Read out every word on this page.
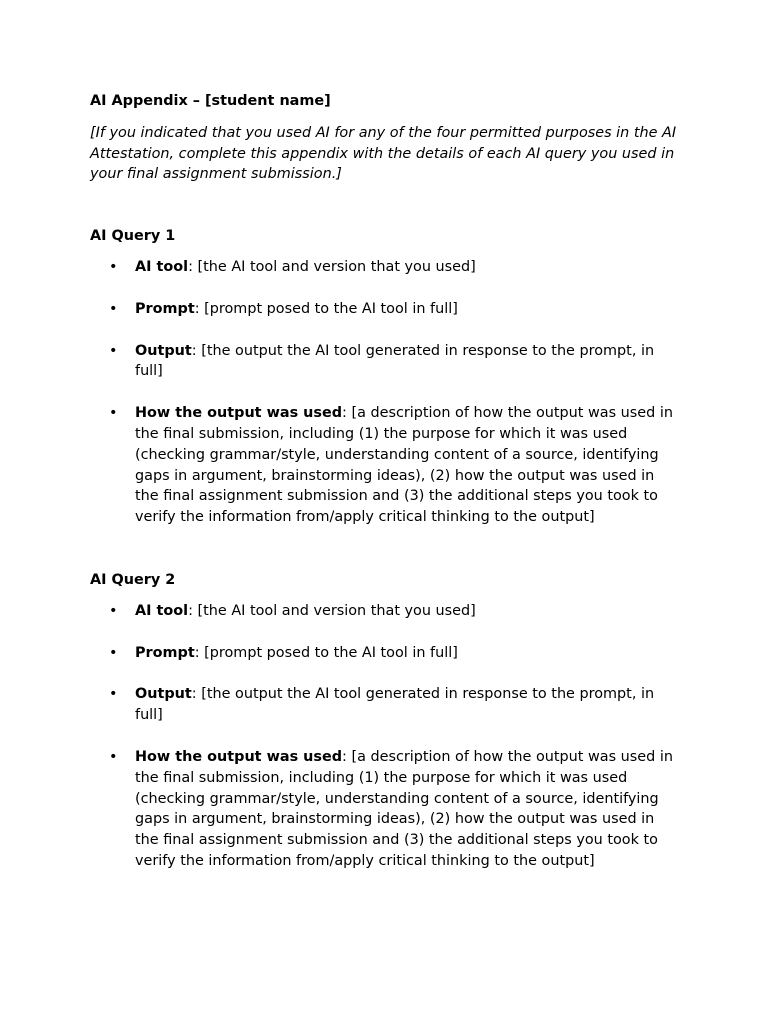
AI Appendix – [student name]

[If you indicated that you used AI for any of the four permitted purposes in the AI Attestation, complete this appendix with the details of each AI query you used in your final assignment submission.]

AI Query 1

• AI tool: [the AI tool and version that you used]
• Prompt: [prompt posed to the AI tool in full]
• Output: [the output the AI tool generated in response to the prompt, in full]
• How the output was used: [a description of how the output was used in the final submission, including (1) the purpose for which it was used (checking grammar/style, understanding content of a source, identifying gaps in argument, brainstorming ideas), (2) how the output was used in the final assignment submission and (3) the additional steps you took to verify the information from/apply critical thinking to the output]

AI Query 2

• AI tool: [the AI tool and version that you used]
• Prompt: [prompt posed to the AI tool in full]
• Output: [the output the AI tool generated in response to the prompt, in full]
• How the output was used: [a description of how the output was used in the final submission, including (1) the purpose for which it was used (checking grammar/style, understanding content of a source, identifying gaps in argument, brainstorming ideas), (2) how the output was used in the final assignment submission and (3) the additional steps you took to verify the information from/apply critical thinking to the output]
